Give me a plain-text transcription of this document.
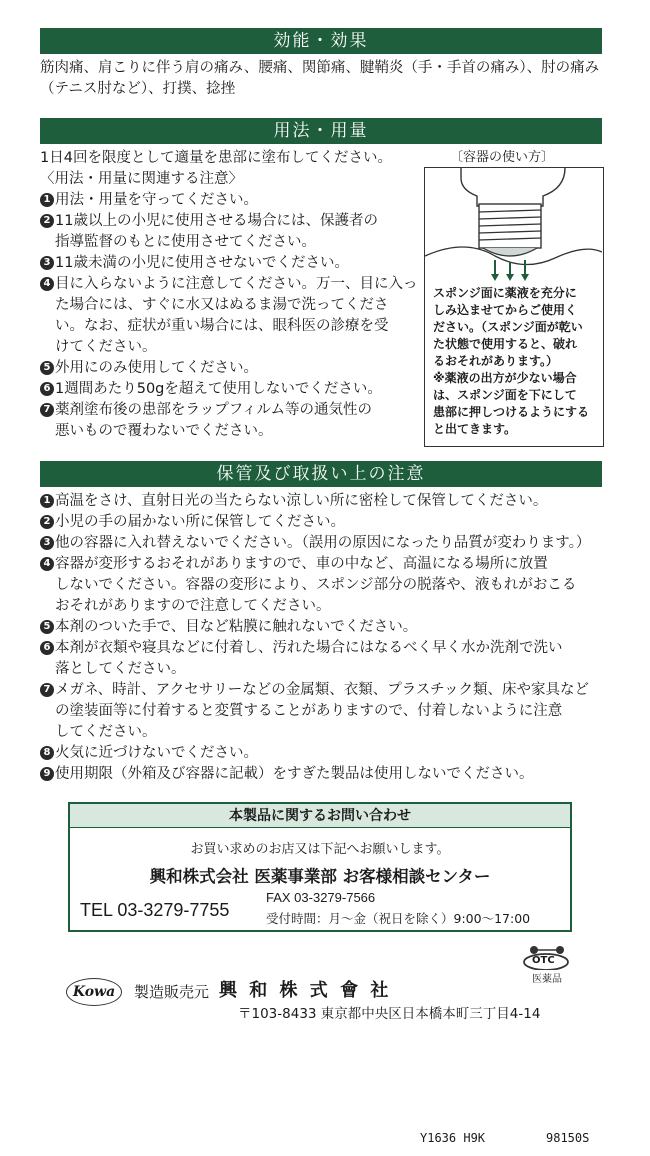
効能・効果
筋肉痛、肩こりに伴う肩の痛み、腰痛、関節痛、腱鞘炎（手・手首の痛み）、肘の痛み
（テニス肘など）、打撲、捻挫
用法・用量
1日4回を限度として適量を患部に塗布してください。
〈用法・用量に関連する注意〉
1 用法・用量を守ってください。
2 11歳以上の小児に使用させる場合には、保護者の
指導監督のもとに使用させてください。
3 11歳未満の小児に使用させないでください。
4 目に入らないように注意してください。万一、目に入っ
た場合には、すぐに水又はぬるま湯で洗ってくださ
い。なお、症状が重い場合には、眼科医の診療を受
けてください。
5 外用にのみ使用してください。
6 1週間あたり50gを超えて使用しないでください。
7 薬剤塗布後の患部をラップフィルム等の通気性の
悪いもので覆わないでください。
〔容器の使い方〕
スポンジ面に薬液を充分に
しみ込ませてからご使用く
ださい。（スポンジ面が乾い
た状態で使用すると、破れ
るおそれがあります。）
※薬液の出方が少ない場合
は、スポンジ面を下にして
患部に押しつけるようにする
と出てきます。
保管及び取扱い上の注意
1 高温をさけ、直射日光の当たらない涼しい所に密栓して保管してください。
2 小児の手の届かない所に保管してください。
3 他の容器に入れ替えないでください。（誤用の原因になったり品質が変わります。）
4 容器が変形するおそれがありますので、車の中など、高温になる場所に放置
しないでください。容器の変形により、スポンジ部分の脱落や、液もれがおこる
おそれがありますので注意してください。
5 本剤のついた手で、目など粘膜に触れないでください。
6 本剤が衣類や寝具などに付着し、汚れた場合にはなるべく早く水か洗剤で洗い
落としてください。
7 メガネ、時計、アクセサリーなどの金属類、衣類、プラスチック類、床や家具など
の塗装面等に付着すると変質することがありますので、付着しないように注意
してください。
8 火気に近づけないでください。
9 使用期限（外箱及び容器に記載）をすぎた製品は使用しないでください。
本製品に関するお問い合わせ
お買い求めのお店又は下記へお願いします。
興和株式会社 医薬事業部 お客様相談センター
TEL 03-3279-7755
FAX 03-3279-7566
受付時間：月～金（祝日を除く）9:00～17:00
OTC
医薬品
Kowa	製造販売元 興 和 株 式 會 社
〒103-8433 東京都中央区日本橋本町三丁目4-14
Y1636 H9K	98150S
